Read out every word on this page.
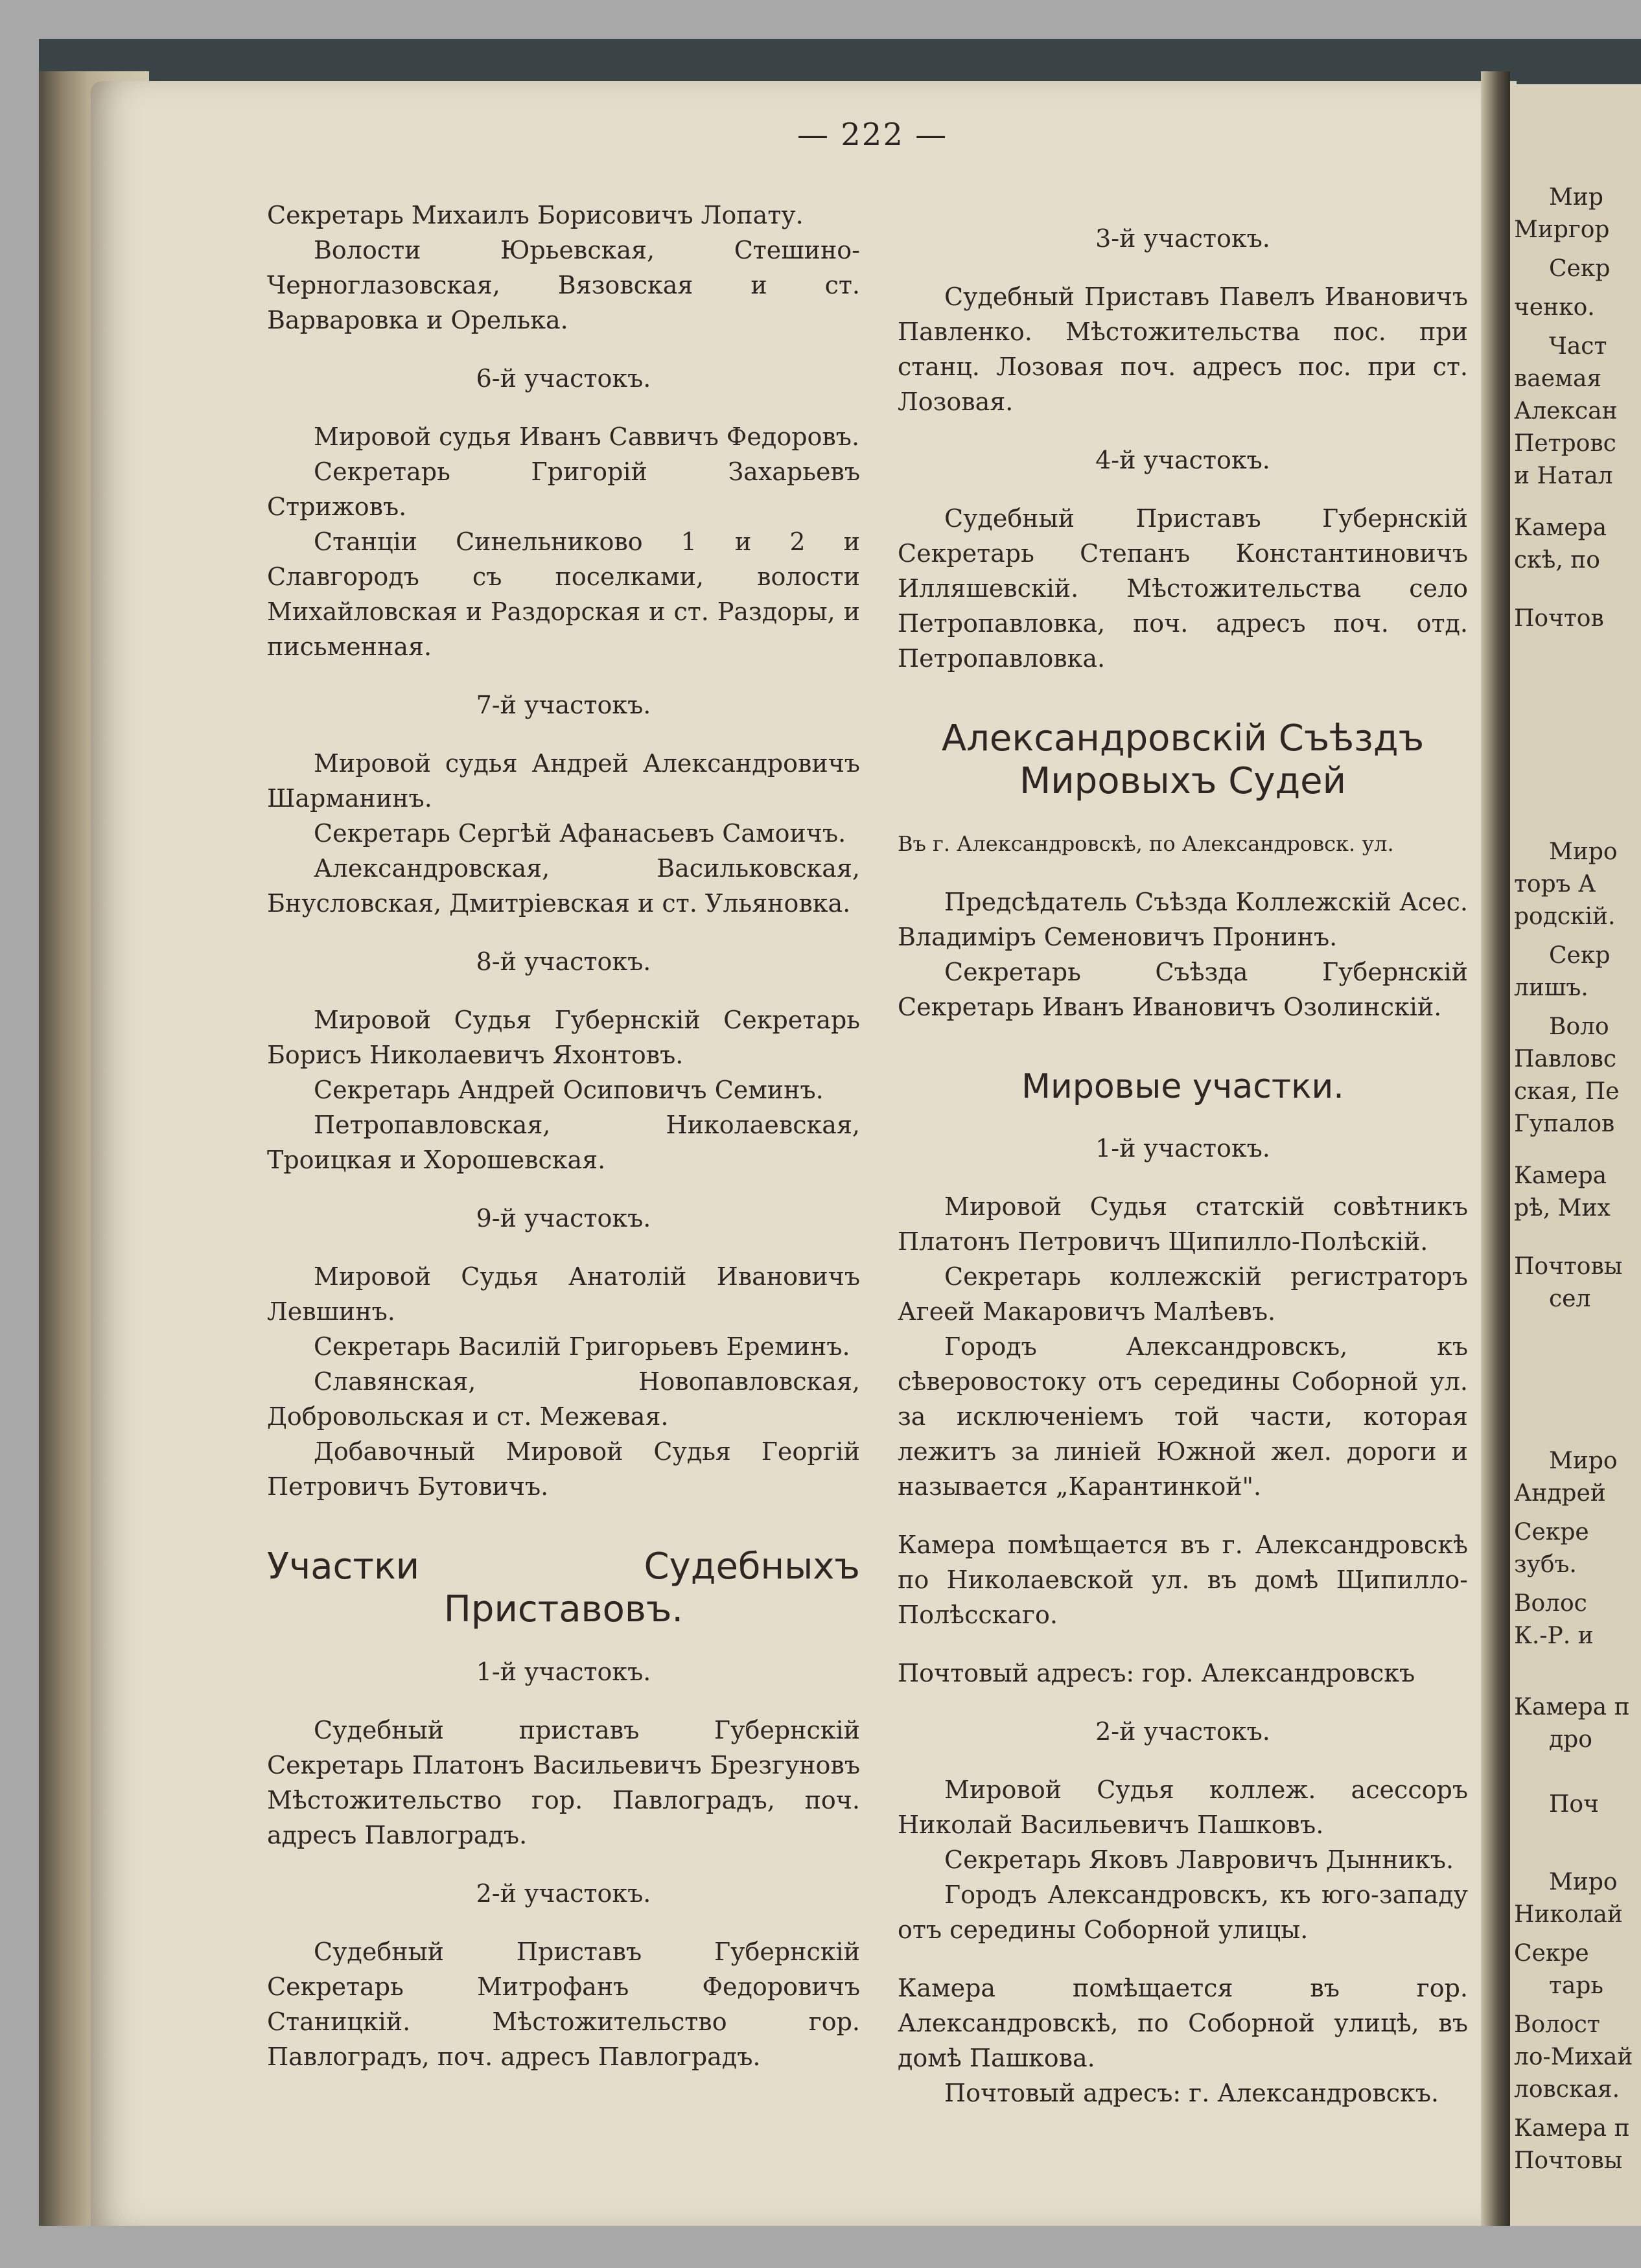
Мир
Миргор
Секр
ченко.
Част
ваемая
Алексан
Петровс
и Натал
Камера
скѣ, по
Почтов
Миро
торъ А
родскій.
Секр
лишъ.
Воло
Павловс
ская, Пе
Гупалов
Камера
рѣ, Мих
Почтовы
сел
Миро
Андрей
Секре
зубъ.
Волос
К.-Р. и
Камера п
дро
Поч
Миро
Николай
Секре
тарь
Волост
ло-Михай
ловская.
Камера п
Почтовы
— 222 —

Секретарь Михаилъ Борисовичъ Лопату.

Волости Юрьевская, Стешино-Черноглазовская, Вязовская и ст. Варваровка и Орелька.

6-й участокъ.

Мировой судья Иванъ Саввичъ Федоровъ.

Секретарь Григорій Захарьевъ Стрижовъ.

Станціи Синельниково 1 и 2 и Славгородъ съ поселками, волости Михайловская и Раздорская и ст. Раздоры, и письменная.

7-й участокъ.

Мировой судья Андрей Александровичъ Шарманинъ.

Секретарь Сергѣй Афанасьевъ Самоичъ.

Александровская, Васильковская, Бнусловская, Дмитріевская и ст. Ульяновка.

8-й участокъ.

Мировой Судья Губернскій Секретарь Борисъ Николаевичъ Яхонтовъ.

Секретарь Андрей Осиповичъ Семинъ.

Петропавловская, Николаевская, Троицкая и Хорошевская.

9-й участокъ.

Мировой Судья Анатолій Ивановичъ Левшинъ.

Секретарь Василій Григорьевъ Ереминъ.

Славянская, Новопавловская, Добровольская и ст. Межевая.

Добавочный Мировой Судья Георгій Петровичъ Бутовичъ.

Участки Судебныхъ Приставовъ.

1-й участокъ.

Судебный приставъ Губернскій Секретарь Платонъ Васильевичъ Брезгуновъ Мѣстожительство гор. Павлоградъ, поч. адресъ Павлоградъ.

2-й участокъ.

Судебный Приставъ Губернскій Секретарь Митрофанъ Федоровичъ Станицкій. Мѣстожительство гор. Павлоградъ, поч. адресъ Павлоградъ.

3-й участокъ.

Судебный Приставъ Павелъ Ивановичъ Павленко. Мѣстожительства пос. при станц. Лозовая поч. адресъ пос. при ст. Лозовая.

4-й участокъ.

Судебный Приставъ Губернскій Секретарь Степанъ Константиновичъ Илляшевскій. Мѣстожительства село Петропавловка, поч. адресъ поч. отд. Петропавловка.

Александровскій Съѣздъ Мировыхъ Судей

Въ г. Александровскѣ, по Александровск. ул.

Предсѣдатель Съѣзда Коллежскій Асес. Владиміръ Семеновичъ Пронинъ.

Секретарь Съѣзда Губернскій Секретарь Иванъ Ивановичъ Озолинскій.

Мировые участки.

1-й участокъ.

Мировой Судья статскій совѣтникъ Платонъ Петровичъ Щипилло-Полѣскій.

Секретарь коллежскій регистраторъ Агеей Макаровичъ Малѣевъ.

Городъ Александровскъ, къ сѣверовостоку отъ середины Соборной ул. за исключеніемъ той части, которая лежитъ за линіей Южной жел. дороги и называется „Карантинкой".

Камера помѣщается въ г. Александровскѣ по Николаевской ул. въ домѣ Щипилло-Полѣсскаго.

Почтовый адресъ: гор. Александровскъ

2-й участокъ.

Мировой Судья коллеж. асессоръ Николай Васильевичъ Пашковъ.

Секретарь Яковъ Лавровичъ Дынникъ.

Городъ Александровскъ, къ юго-западу отъ середины Соборной улицы.

Камера помѣщается въ гор. Александровскѣ, по Соборной улицѣ, въ домѣ Пашкова.

Почтовый адресъ: г. Александровскъ.
